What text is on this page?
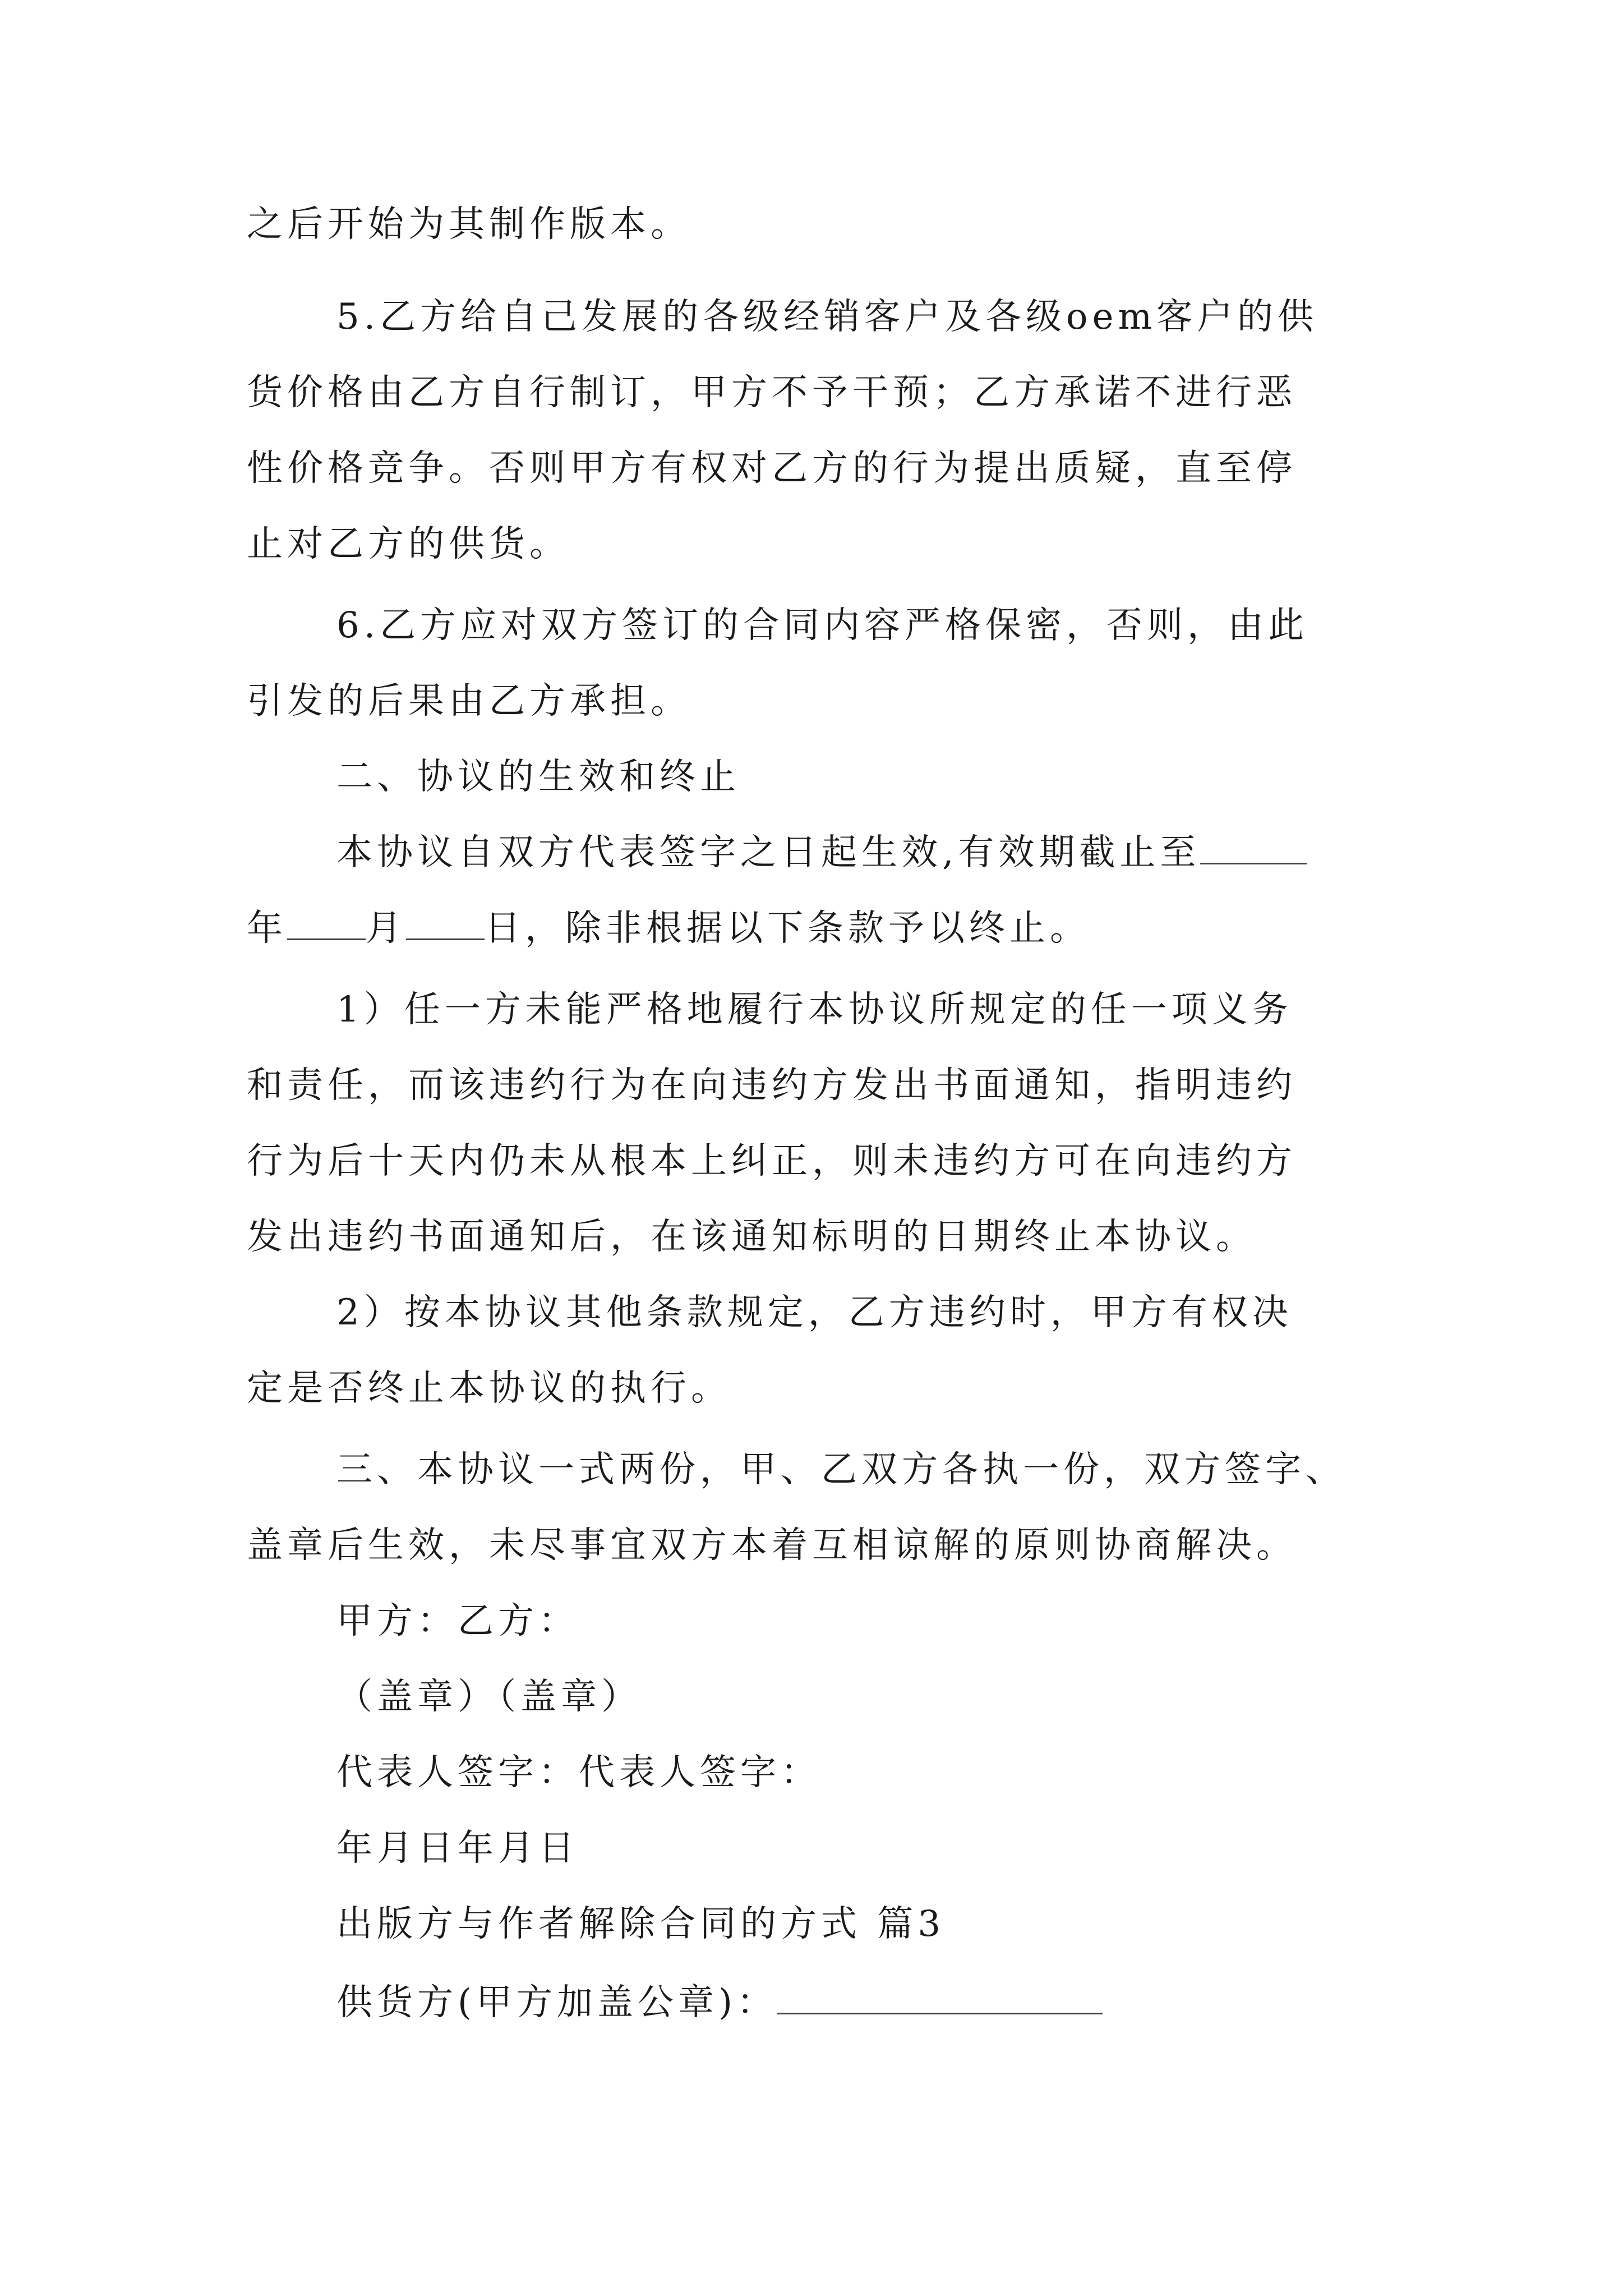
之后开始为其制作版本。
5.乙方给自己发展的各级经销客户及各级oem客户的供
货价格由乙方自行制订，甲方不予干预；乙方承诺不进行恶
性价格竞争。否则甲方有权对乙方的行为提出质疑，直至停
止对乙方的供货。
6.乙方应对双方签订的合同内容严格保密，否则，由此
引发的后果由乙方承担。
二、协议的生效和终止
本协议自双方代表签字之日起生效,有效期截止至
年 月 日，除非根据以下条款予以终止。
1）任一方未能严格地履行本协议所规定的任一项义务
和责任，而该违约行为在向违约方发出书面通知，指明违约
行为后十天内仍未从根本上纠正，则未违约方可在向违约方
发出违约书面通知后，在该通知标明的日期终止本协议。
2）按本协议其他条款规定，乙方违约时，甲方有权决
定是否终止本协议的执行。
三、本协议一式两份，甲、乙双方各执一份，双方签字、
盖章后生效，未尽事宜双方本着互相谅解的原则协商解决。
甲方：乙方：
（盖章）（盖章）
代表人签字：代表人签字：
年月日年月日
出版方与作者解除合同的方式 篇3
供货方(甲方加盖公章)：
